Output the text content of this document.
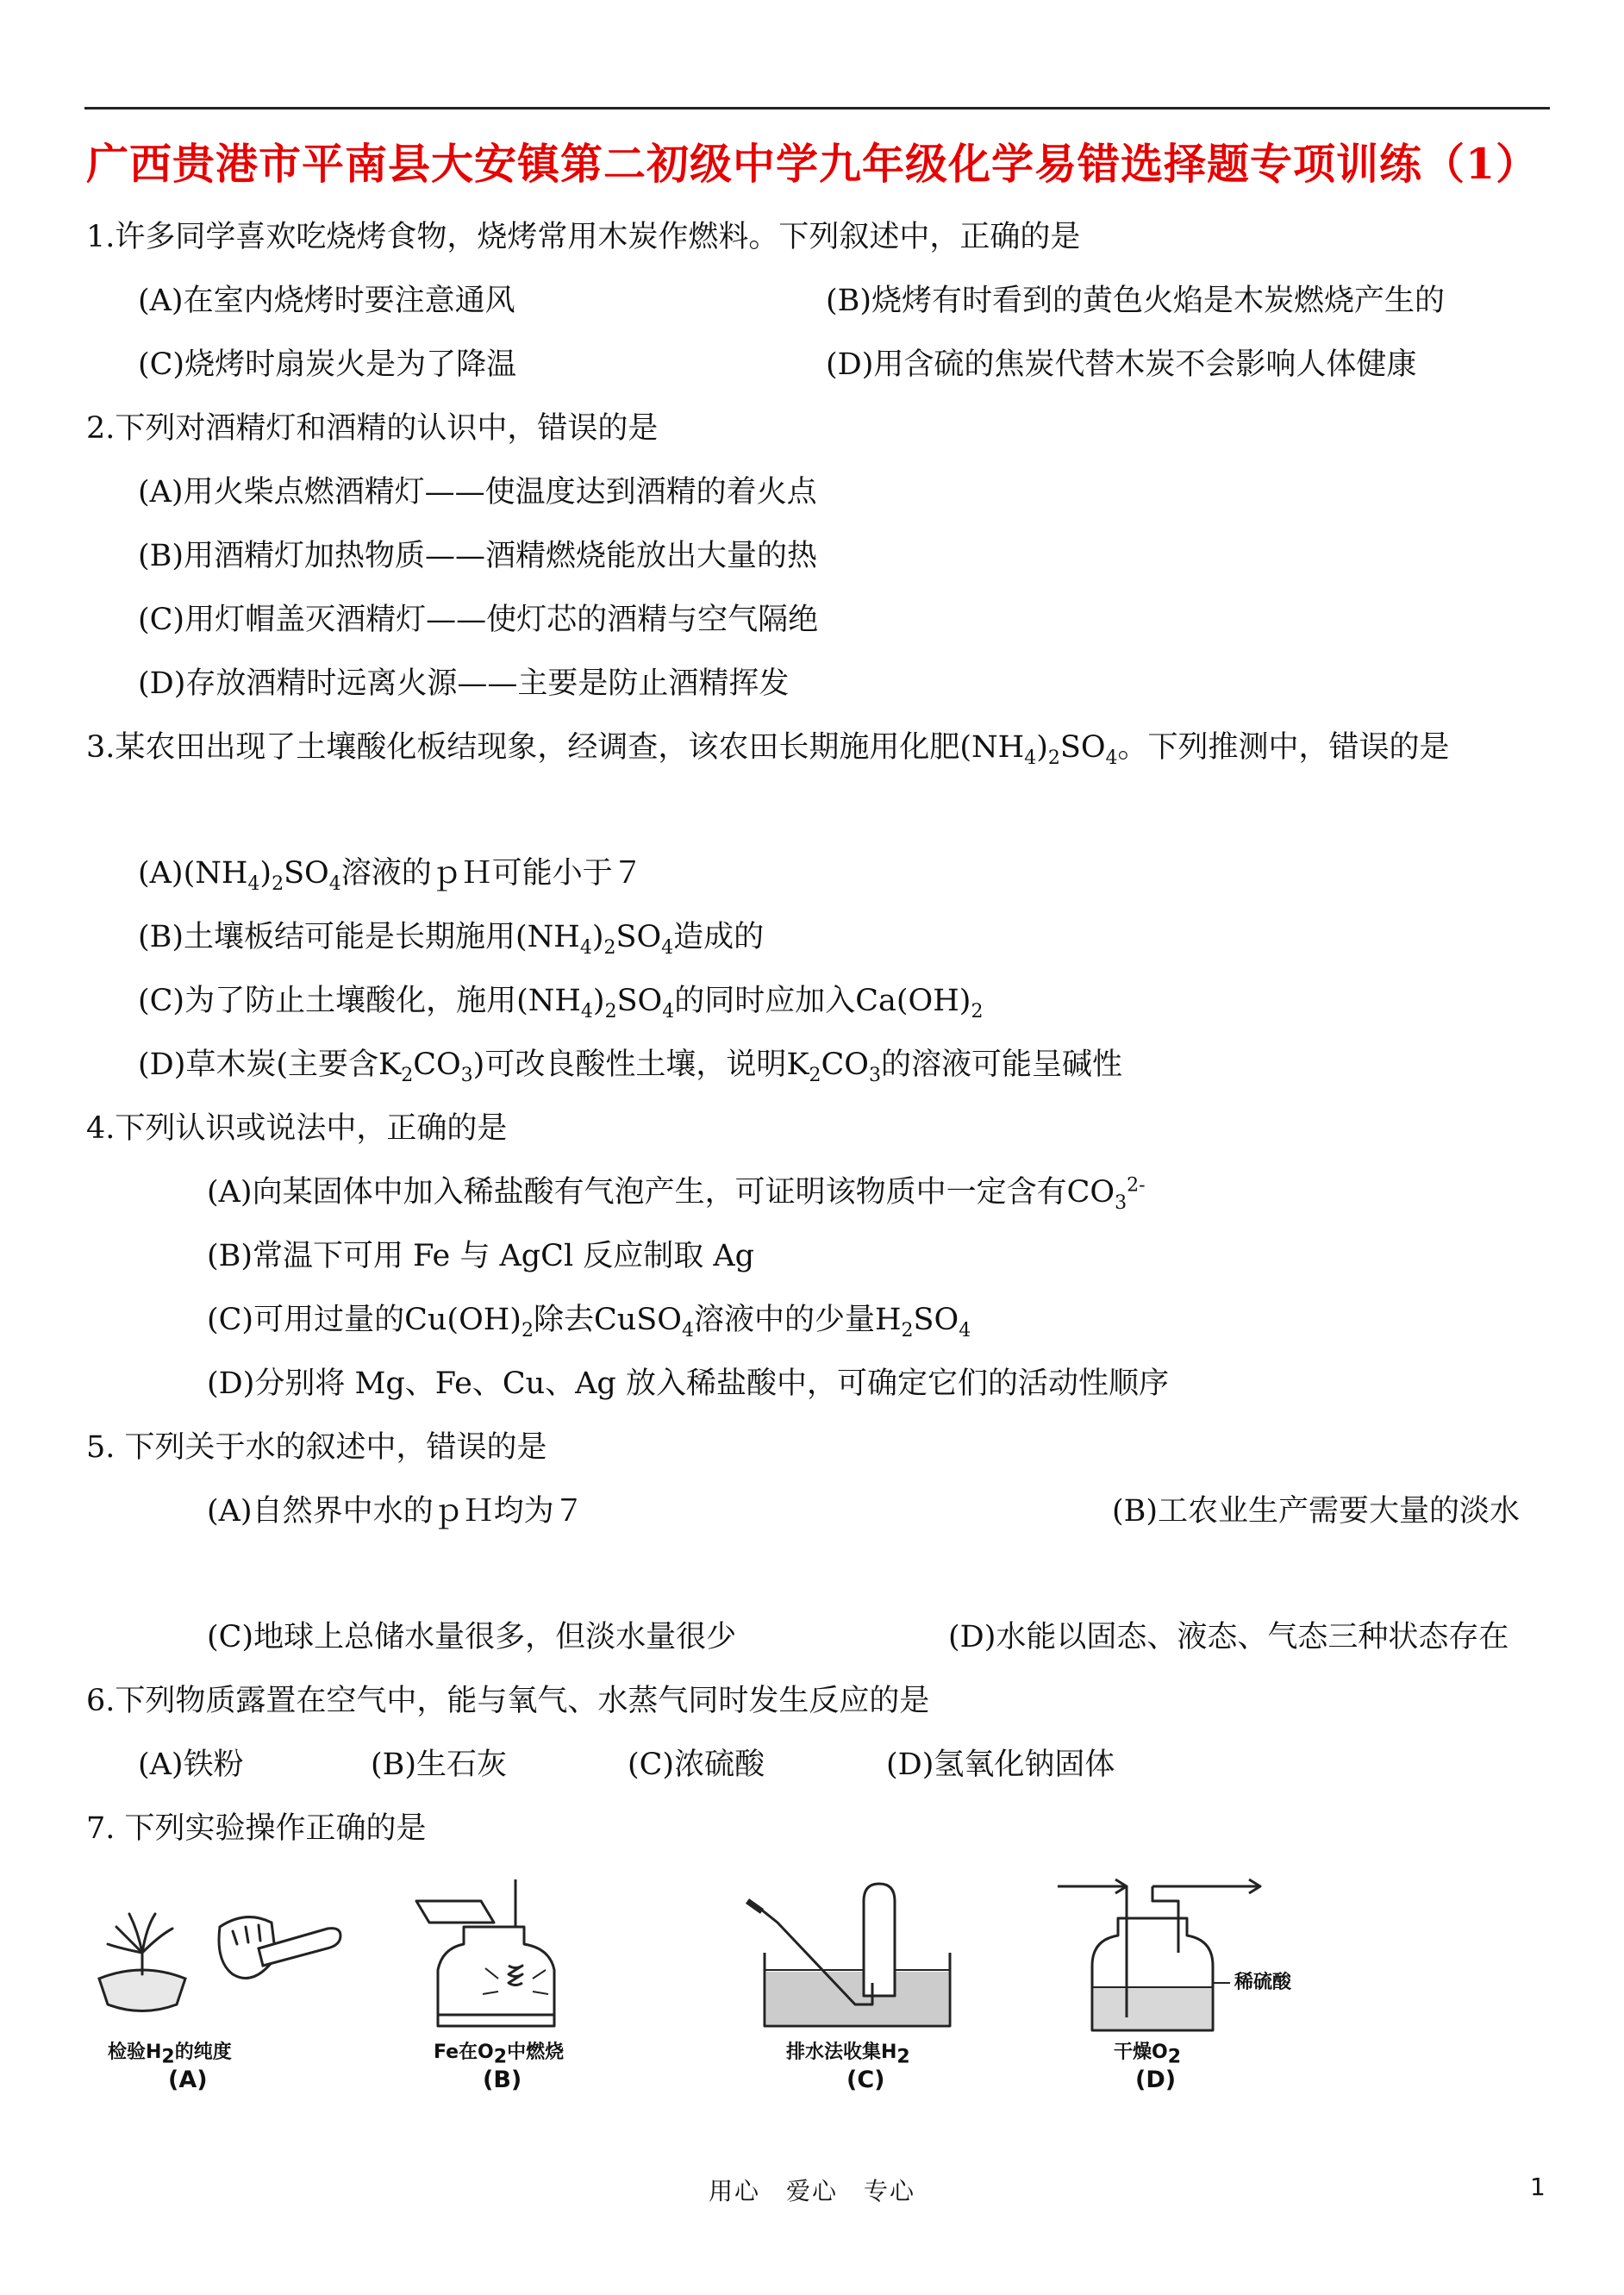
广西贵港市平南县大安镇第二初级中学九年级化学易错选择题专项训练（1）
1.许多同学喜欢吃烧烤食物，烧烤常用木炭作燃料。下列叙述中，正确的是
(A)在室内烧烤时要注意通风	(B)烧烤有时看到的黄色火焰是木炭燃烧产生的
(C)烧烤时扇炭火是为了降温	(D)用含硫的焦炭代替木炭不会影响人体健康
2.下列对酒精灯和酒精的认识中，错误的是
(A)用火柴点燃酒精灯——使温度达到酒精的着火点
(B)用酒精灯加热物质——酒精燃烧能放出大量的热
(C)用灯帽盖灭酒精灯——使灯芯的酒精与空气隔绝
(D)存放酒精时远离火源——主要是防止酒精挥发
3.某农田出现了土壤酸化板结现象，经调查，该农田长期施用化肥$(NH_4)_2SO_4$。下列推测中，错误的是
$(A)(NH_4)_2SO_4$溶液的ｐＨ可能小于７
(B)土壤板结可能是长期施用$(NH_4)_2SO_4$造成的
(C)为了防止土壤酸化，施用$(NH_4)_2SO_4$的同时应加入$Ca(OH)_2$
(D)草木炭(主要含$K_2CO_3$)可改良酸性土壤，说明$K_2CO_3$的溶液可能呈碱性
4.下列认识或说法中，正确的是
(A)向某固体中加入稀盐酸有气泡产生，可证明该物质中一定含有$CO_3^{2-}$
(B)常温下可用 Fe 与 AgCl 反应制取 Ag
(C)可用过量的$Cu(OH)_2$除去CuSO$_4$溶液中的少量$H_2SO_4$
(D)分别将 Mg、Fe、Cu、Ag 放入稀盐酸中，可确定它们的活动性顺序
5. 下列关于水的叙述中，错误的是
(A)自然界中水的ｐＨ均为７	(B)工农业生产需要大量的淡水
(C)地球上总储水量很多，但淡水量很少	(D)水能以固态、液态、气态三种状态存在
6.下列物质露置在空气中，能与氧气、水蒸气同时发生反应的是
(A)铁粉	(B)生石灰	(C)浓硫酸	(D)氢氧化钠固体
7. 下列实验操作正确的是
检验$H_2$的纯度
(A)
Fe在$O_2$中燃烧
(B)
排水法收集$H_2$
(C)
稀硫酸
干燥$O_2$
(D)
用心　爱心　专心	1
